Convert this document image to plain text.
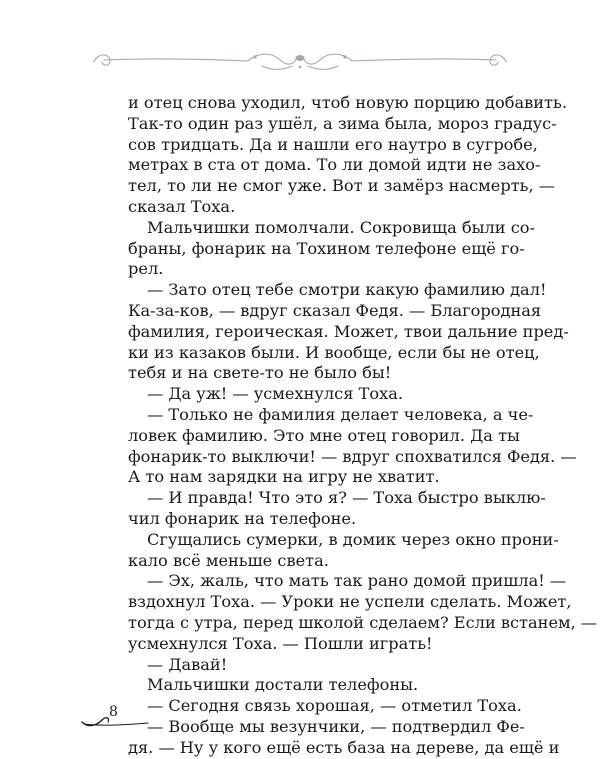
и отец снова уходил, чтоб новую порцию добавить.
Так-то один раз ушёл, а зима была, мороз градус-
сов тридцать. Да и нашли его наутро в сугробе,
метрах в ста от дома. То ли домой идти не захо-
тел, то ли не смог уже. Вот и замёрз насмерть, —
сказал Тоха.
Мальчишки помолчали. Сокровища были со-
браны, фонарик на Тохином телефоне ещё го-
рел.
— Зато отец тебе смотри какую фамилию дал!
Ка-за-ков, — вдруг сказал Федя. — Благородная
фамилия, героическая. Может, твои дальние пред-
ки из казаков были. И вообще, если бы не отец,
тебя и на свете-то не было бы!
— Да уж! — усмехнулся Тоха.
— Только не фамилия делает человека, а че-
ловек фамилию. Это мне отец говорил. Да ты
фонарик-то выключи! — вдруг спохватился Федя. —
А то нам зарядки на игру не хватит.
— И правда! Что это я? — Тоха быстро выклю-
чил фонарик на телефоне.
Сгущались сумерки, в домик через окно прони-
кало всё меньше света.
— Эх, жаль, что мать так рано домой пришла! —
вздохнул Тоха. — Уроки не успели сделать. Может,
тогда с утра, перед школой сделаем? Если встанем, —
усмехнулся Тоха. — Пошли играть!
— Давай!
Мальчишки достали телефоны.
— Сегодня связь хорошая, — отметил Тоха.
— Вообще мы везунчики, — подтвердил Фе-
дя. — Ну у кого ещё есть база на дереве, да ещё и
8
